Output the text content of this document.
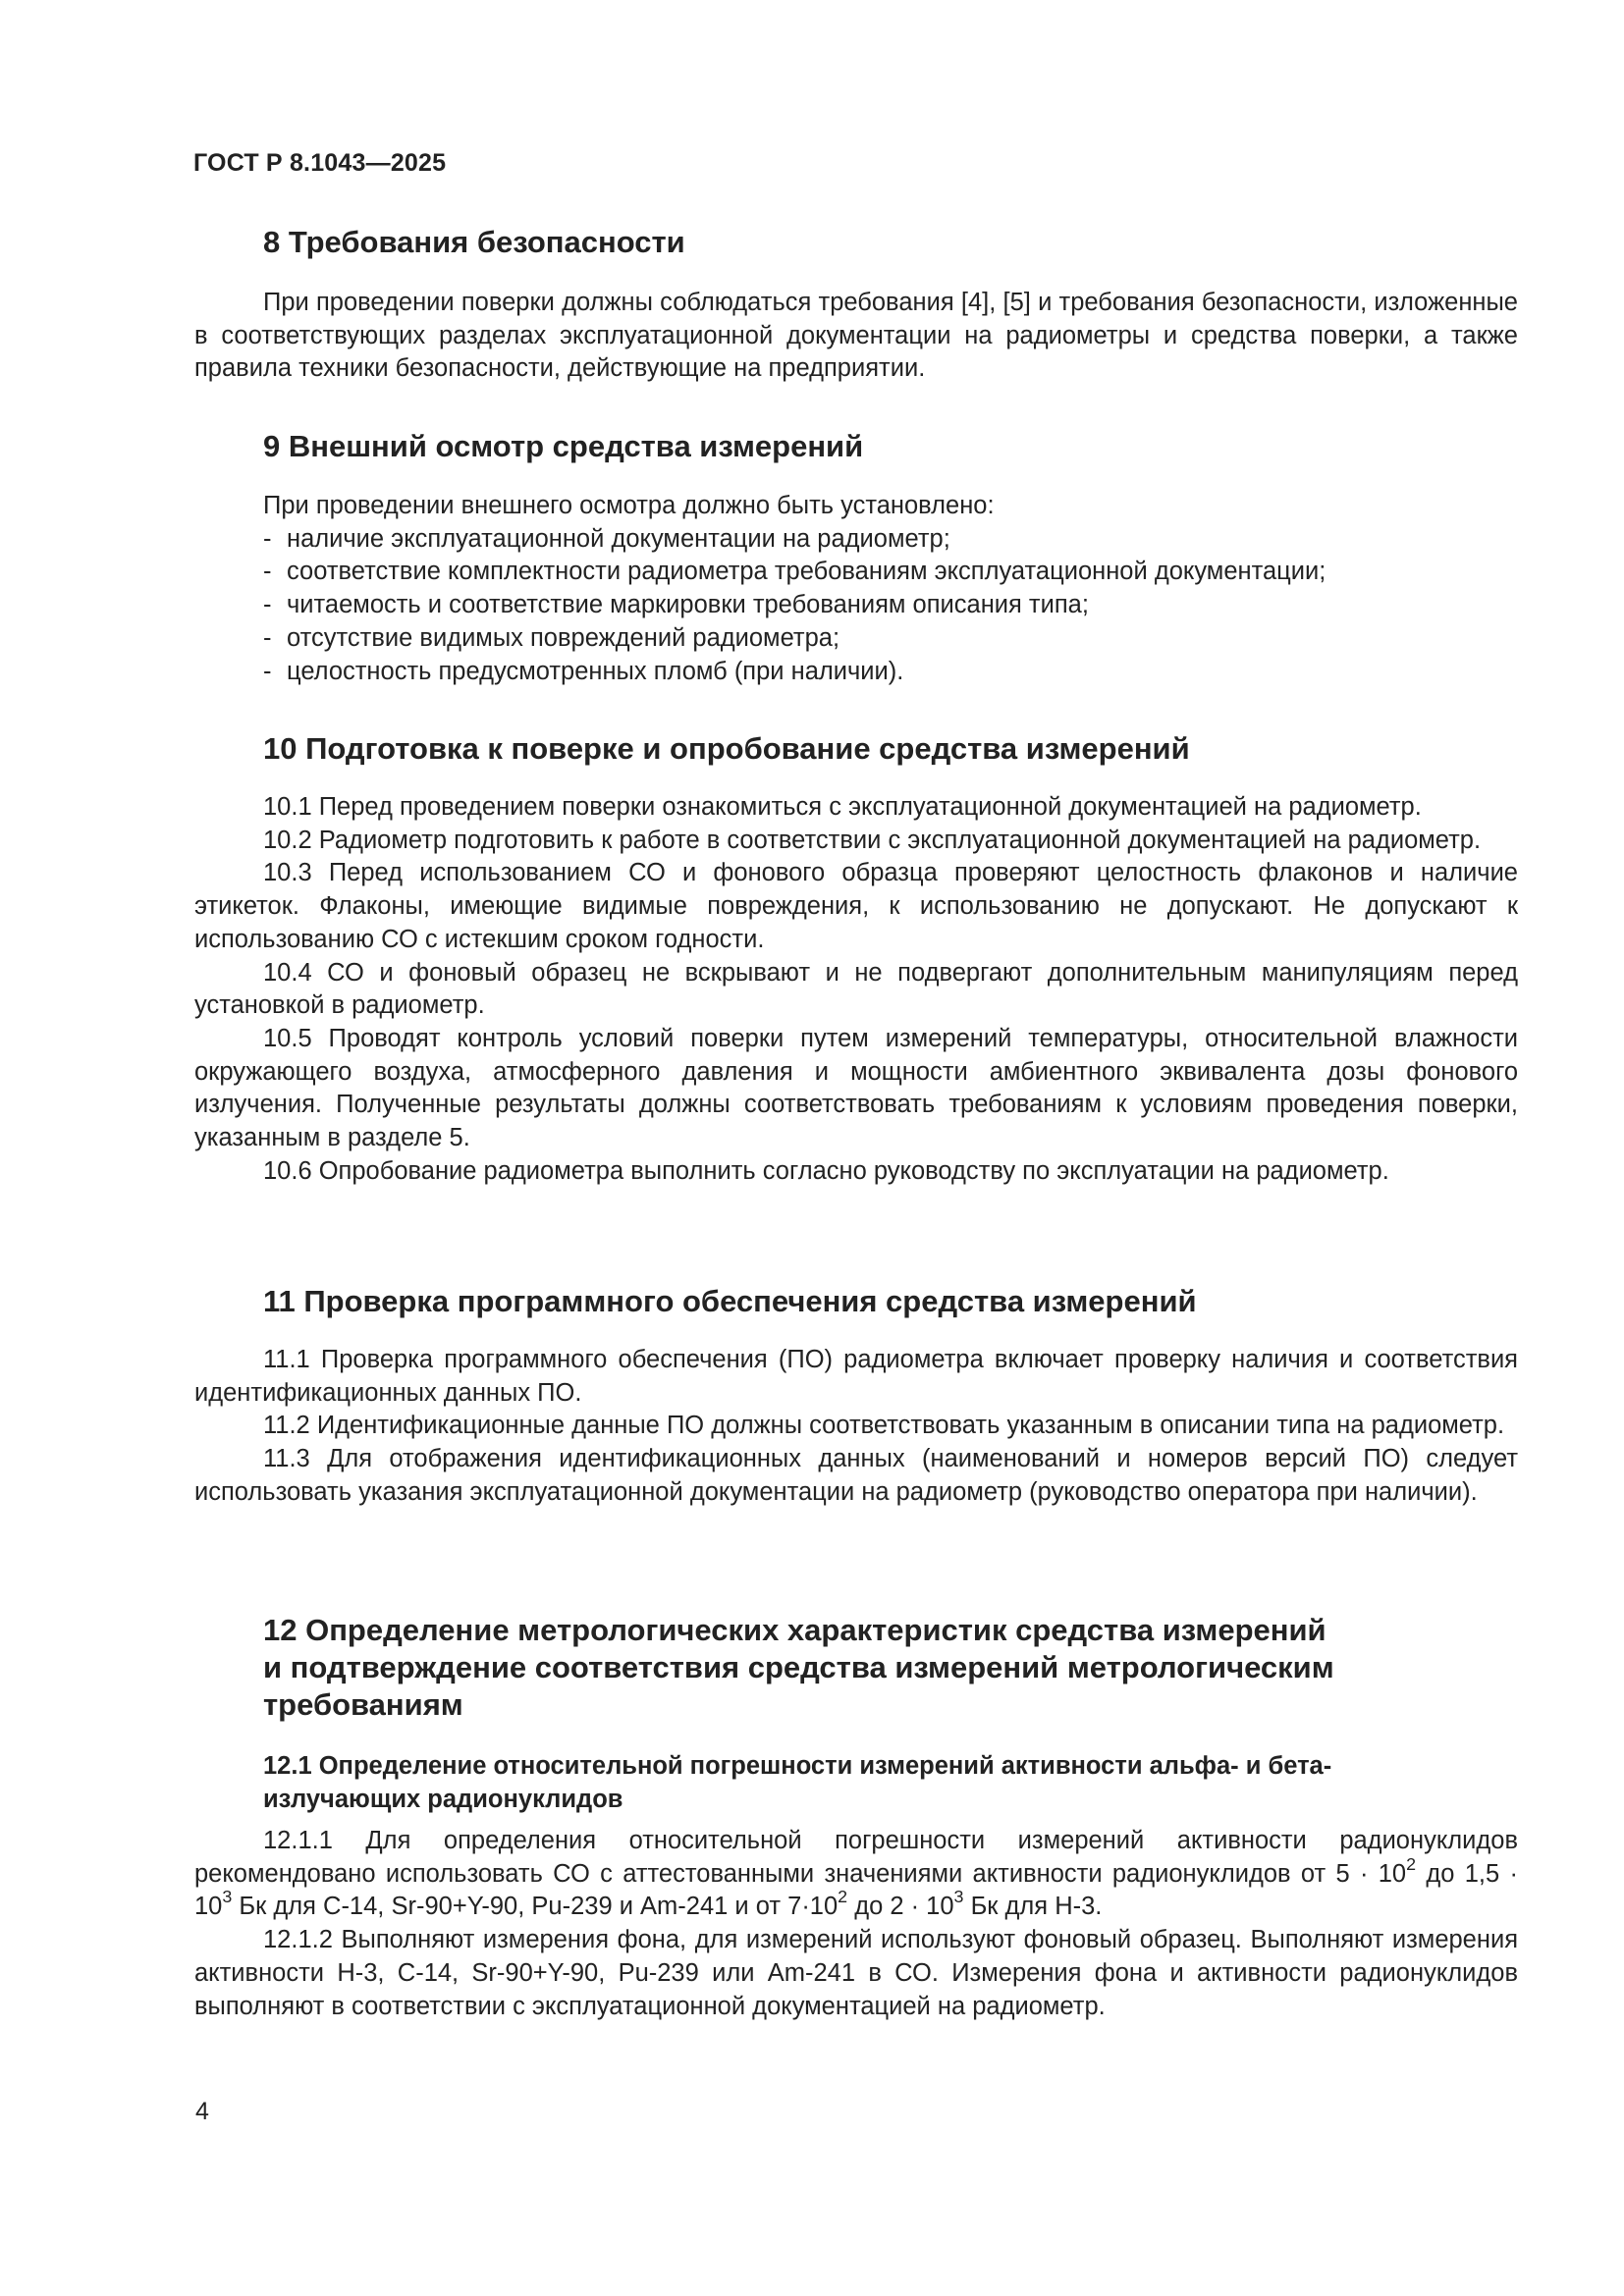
ГОСТ Р 8.1043—2025
8 Требования безопасности

При проведении поверки должны соблюдаться требования [4], [5] и требования безопасности, изложенные в соответствующих разделах эксплуатационной документации на радиометры и средства поверки, а также правила техники безопасности, действующие на предприятии.

9 Внешний осмотр средства измерений

При проведении внешнего осмотра должно быть установлено:

- наличие эксплуатационной документации на радиометр;
- соответствие комплектности радиометра требованиям эксплуатационной документации;
- читаемость и соответствие маркировки требованиям описания типа;
- отсутствие видимых повреждений радиометра;
- целостность предусмотренных пломб (при наличии).
10 Подготовка к поверке и опробование средства измерений

10.1 Перед проведением поверки ознакомиться с эксплуатационной документацией на радиометр.

10.2 Радиометр подготовить к работе в соответствии с эксплуатационной документацией на радиометр.

10.3 Перед использованием СО и фонового образца проверяют целостность флаконов и наличие этикеток. Флаконы, имеющие видимые повреждения, к использованию не допускают. Не допускают к использованию СО с истекшим сроком годности.

10.4 СО и фоновый образец не вскрывают и не подвергают дополнительным манипуляциям перед установкой в радиометр.

10.5 Проводят контроль условий поверки путем измерений температуры, относительной влажности окружающего воздуха, атмосферного давления и мощности амбиентного эквивалента дозы фонового излучения. Полученные результаты должны соответствовать требованиям к условиям проведения поверки, указанным в разделе 5.

10.6 Опробование радиометра выполнить согласно руководству по эксплуатации на радиометр.

11 Проверка программного обеспечения средства измерений

11.1 Проверка программного обеспечения (ПО) радиометра включает проверку наличия и соответствия идентификационных данных ПО.

11.2 Идентификационные данные ПО должны соответствовать указанным в описании типа на радиометр.

11.3 Для отображения идентификационных данных (наименований и номеров версий ПО) следует использовать указания эксплуатационной документации на радиометр (руководство оператора при наличии).

12 Определение метрологических характеристик средства измерений
и подтверждение соответствия средства измерений метрологическим
требованиям
12.1 Определение относительной погрешности измерений активности альфа- и бета-
излучающих радионуклидов

12.1.1 Для определения относительной погрешности измерений активности радионуклидов рекомендовано использовать СО с аттестованными значениями активности радионуклидов от $5 \cdot 10^2$ до $1,5 \cdot 10^3$ Бк для С-14, Sr-90+Y-90, Pu-239 и Am-241 и от $7\cdot 10^2$ до $2 \cdot 10^3$ Бк для Н-3.

12.1.2 Выполняют измерения фона, для измерений используют фоновый образец. Выполняют измерения активности Н-3, С-14, Sr-90+Y-90, Pu-239 или Am-241 в СО. Измерения фона и активности радионуклидов выполняют в соответствии с эксплуатационной документацией на радиометр.

4
